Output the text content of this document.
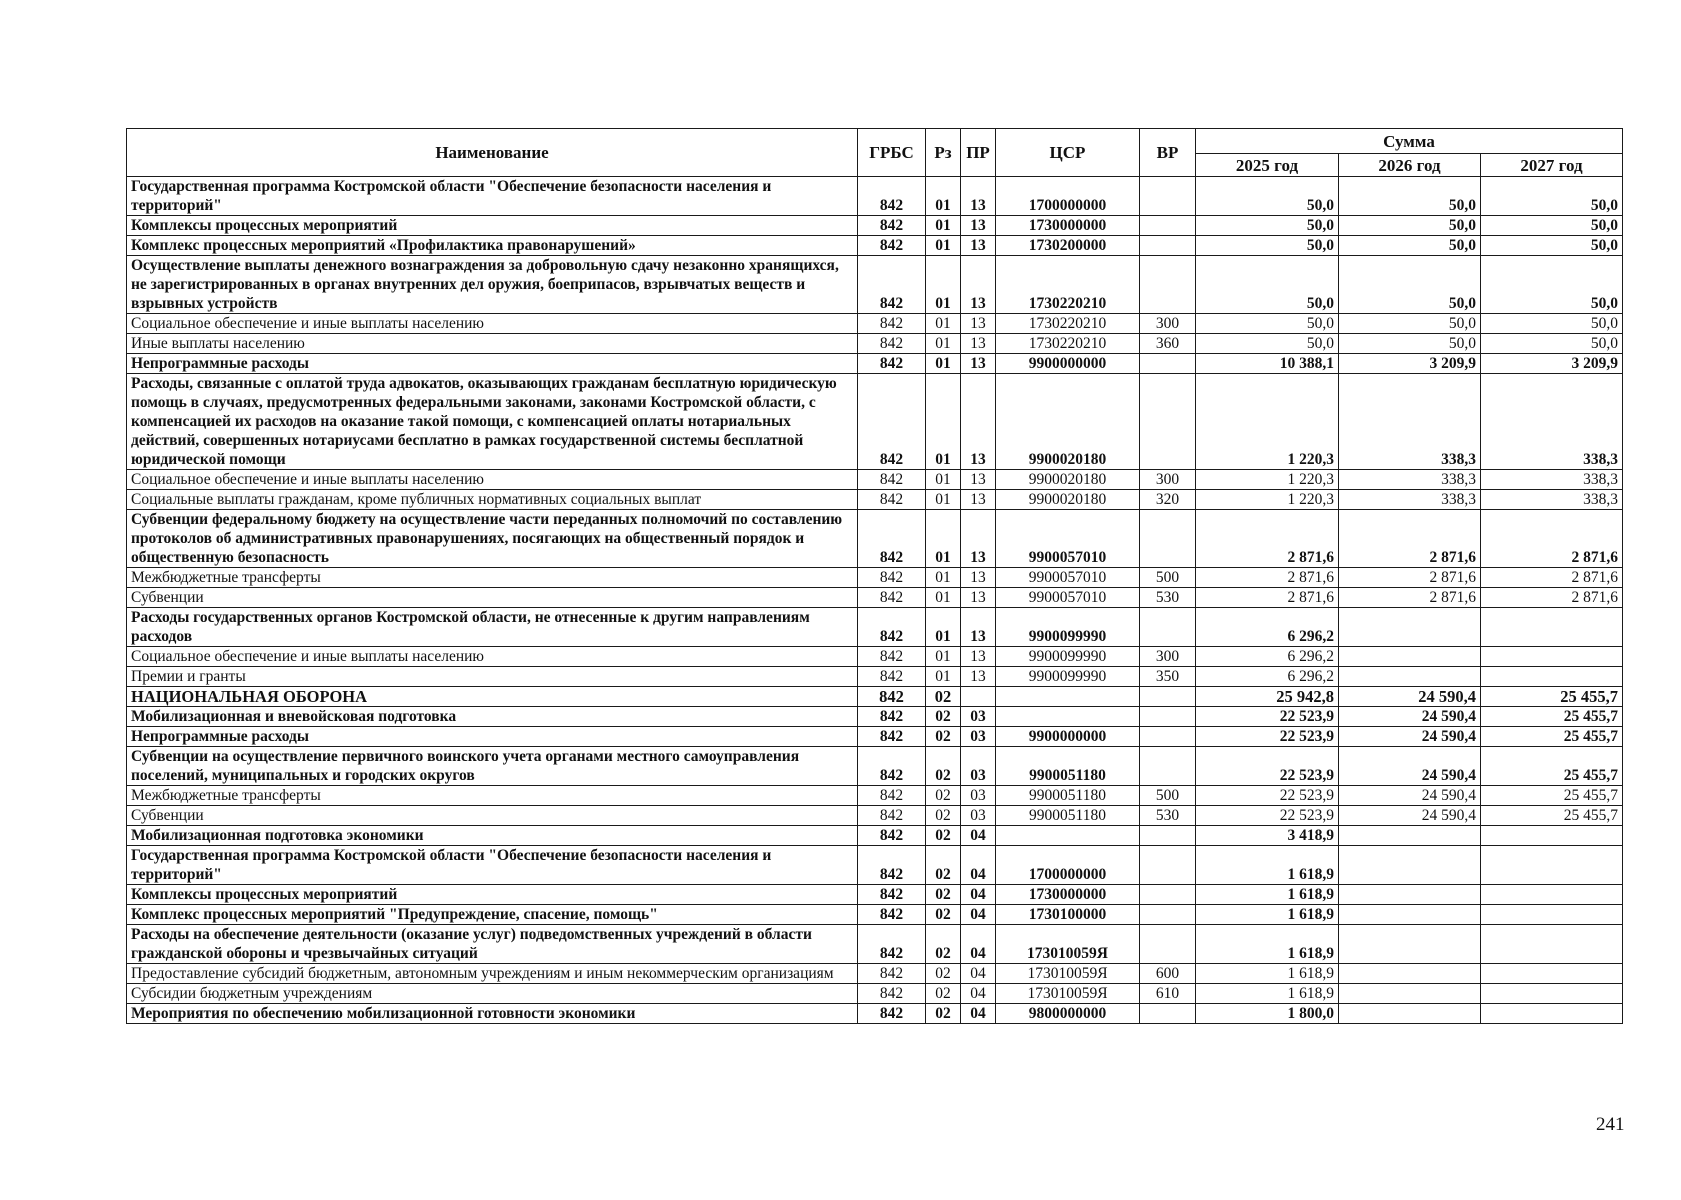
Наименование	ГРБС	Рз	ПР	ЦСР	ВР	Сумма		
						2025 год	2026 год	2027 год
Государственная программа Костромской области "Обеспечение безопасности населения и территорий"	842	01	13	1700000000		50,0	50,0	50,0
Комплексы процессных мероприятий	842	01	13	1730000000		50,0	50,0	50,0
Комплекс процессных мероприятий «Профилактика правонарушений»	842	01	13	1730200000		50,0	50,0	50,0
Осуществление выплаты денежного вознаграждения за добровольную сдачу незаконно хранящихся, не зарегистрированных в органах внутренних дел оружия, боеприпасов, взрывчатых веществ и взрывных устройств	842	01	13	1730220210		50,0	50,0	50,0
Социальное обеспечение и иные выплаты населению	842	01	13	1730220210	300	50,0	50,0	50,0
Иные выплаты населению	842	01	13	1730220210	360	50,0	50,0	50,0
Непрограммные расходы	842	01	13	9900000000		10 388,1	3 209,9	3 209,9
Расходы, связанные с оплатой труда адвокатов, оказывающих гражданам бесплатную юридическую помощь в случаях, предусмотренных федеральными законами, законами Костромской области, с компенсацией их расходов на оказание такой помощи, с компенсацией оплаты нотариальных действий, совершенных нотариусами бесплатно в рамках государственной системы бесплатной юридической помощи	842	01	13	9900020180		1 220,3	338,3	338,3
Социальное обеспечение и иные выплаты населению	842	01	13	9900020180	300	1 220,3	338,3	338,3
Социальные выплаты гражданам, кроме публичных нормативных социальных выплат	842	01	13	9900020180	320	1 220,3	338,3	338,3
Субвенции федеральному бюджету на осуществление части переданных полномочий по составлению протоколов об административных правонарушениях, посягающих на общественный порядок и общественную безопасность	842	01	13	9900057010		2 871,6	2 871,6	2 871,6
Межбюджетные трансферты	842	01	13	9900057010	500	2 871,6	2 871,6	2 871,6
Субвенции	842	01	13	9900057010	530	2 871,6	2 871,6	2 871,6
Расходы государственных органов Костромской области, не отнесенные к другим направлениям расходов	842	01	13	9900099990		6 296,2		
Социальное обеспечение и иные выплаты населению	842	01	13	9900099990	300	6 296,2		
Премии и гранты	842	01	13	9900099990	350	6 296,2		
НАЦИОНАЛЬНАЯ ОБОРОНА	842	02				25 942,8	24 590,4	25 455,7
Мобилизационная и вневойсковая подготовка	842	02	03			22 523,9	24 590,4	25 455,7
Непрограммные расходы	842	02	03	9900000000		22 523,9	24 590,4	25 455,7
Субвенции на осуществление первичного воинского учета органами местного самоуправления поселений, муниципальных и городских округов	842	02	03	9900051180		22 523,9	24 590,4	25 455,7
Межбюджетные трансферты	842	02	03	9900051180	500	22 523,9	24 590,4	25 455,7
Субвенции	842	02	03	9900051180	530	22 523,9	24 590,4	25 455,7
Мобилизационная подготовка экономики	842	02	04			3 418,9		
Государственная программа Костромской области "Обеспечение безопасности населения и территорий"	842	02	04	1700000000		1 618,9		
Комплексы процессных мероприятий	842	02	04	1730000000		1 618,9		
Комплекс процессных мероприятий "Предупреждение, спасение, помощь"	842	02	04	1730100000		1 618,9		
Расходы на обеспечение деятельности (оказание услуг) подведомственных учреждений в области гражданской обороны и чрезвычайных ситуаций	842	02	04	173010059Я		1 618,9		
Предоставление субсидий бюджетным, автономным учреждениям и иным некоммерческим организациям	842	02	04	173010059Я	600	1 618,9		
Субсидии бюджетным учреждениям	842	02	04	173010059Я	610	1 618,9		
Мероприятия по обеспечению мобилизационной готовности экономики	842	02	04	9800000000		1 800,0		
241
